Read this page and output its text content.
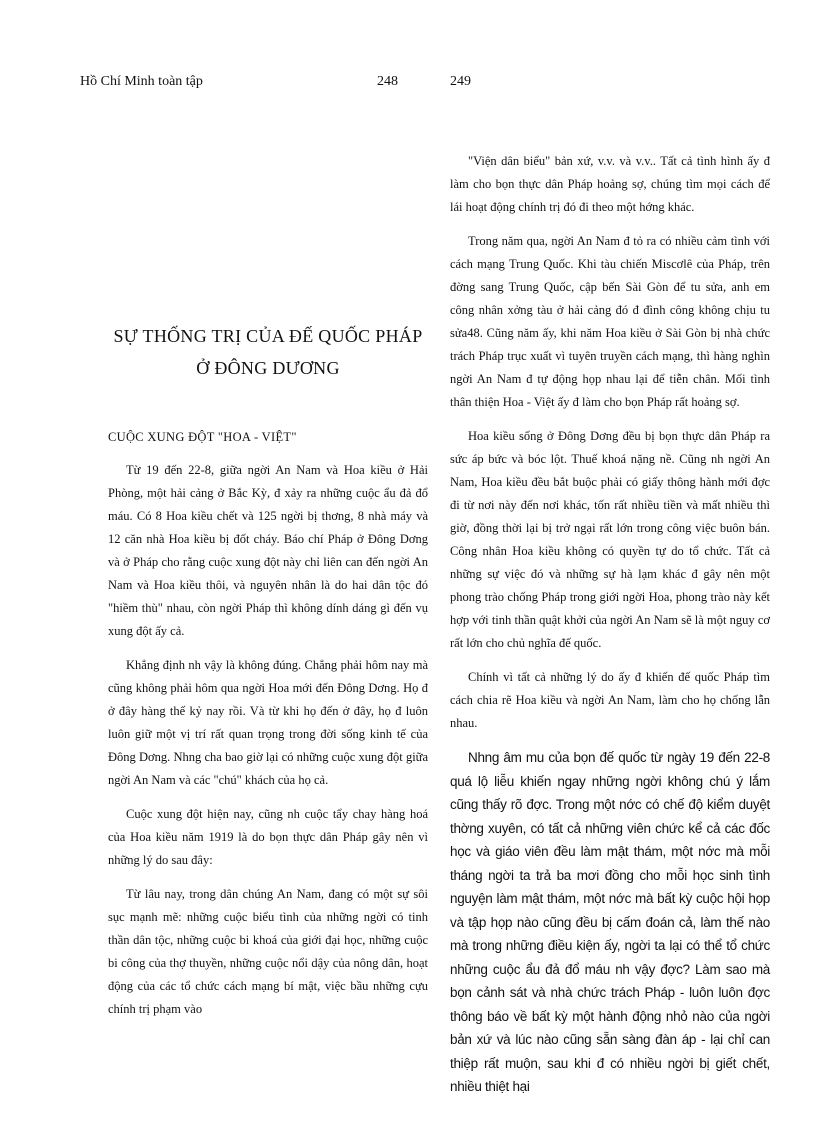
Hồ Chí Minh toàn tập	248	249
SỰ THỐNG TRỊ CỦA ĐẾ QUỐC PHÁP
Ở ĐÔNG DƯƠNG
CUỘC XUNG ĐỘT "HOA - VIỆT"

Từ 19 đến 22-8, giữa ngời An Nam và Hoa kiều ở Hải Phòng, một hải cảng ở Bắc Kỳ, đ xảy ra những cuộc ẩu đả đổ máu. Có 8 Hoa kiều chết và 125 ngời bị thơng, 8 nhà máy và 12 căn nhà Hoa kiều bị đốt cháy. Báo chí Pháp ở Đông Dơng và ở Pháp cho rằng cuộc xung đột này chỉ liên can đến ngời An Nam và Hoa kiều thôi, và nguyên nhân là do hai dân tộc đó "hiềm thù" nhau, còn ngời Pháp thì không dính dáng gì đến vụ xung đột ấy cả.

Khẳng định nh vậy là không đúng. Chẳng phải hôm nay mà cũng không phải hôm qua ngời Hoa mới đến Đông Dơng. Họ đ ở đây hàng thế kỷ nay rồi. Và từ khi họ đến ở đây, họ đ luôn luôn giữ một vị trí rất quan trọng trong đời sống kinh tế của Đông Dơng. Nhng cha bao giờ lại có những cuộc xung đột giữa ngời An Nam và các "chú" khách của họ cả.

Cuộc xung đột hiện nay, cũng nh cuộc tẩy chay hàng hoá của Hoa kiều năm 1919 là do bọn thực dân Pháp gây nên vì những lý do sau đây:

Từ lâu nay, trong dân chúng An Nam, đang có một sự sôi sục mạnh mẽ: những cuộc biểu tình của những ngời có tinh thần dân tộc, những cuộc bi khoá của giới đại học, những cuộc bi công của thợ thuyền, những cuộc nổi dậy của nông dân, hoạt động của các tổ chức cách mạng bí mật, việc bầu những cựu chính trị phạm vào

"Viện dân biểu" bản xứ, v.v. và v.v.. Tất cả tình hình ấy đ làm cho bọn thực dân Pháp hoảng sợ, chúng tìm mọi cách để lái hoạt động chính trị đó đi theo một hớng khác.

Trong năm qua, ngời An Nam đ tỏ ra có nhiều cảm tình với cách mạng Trung Quốc. Khi tàu chiến Miscơlê của Pháp, trên đờng sang Trung Quốc, cập bến Sài Gòn để tu sửa, anh em công nhân xởng tàu ở hải cảng đó đ đình công không chịu tu sửa48. Cũng năm ấy, khi năm Hoa kiều ở Sài Gòn bị nhà chức trách Pháp trục xuất vì tuyên truyền cách mạng, thì hàng nghìn ngời An Nam đ tự động họp nhau lại để tiễn chân. Mối tình thân thiện Hoa - Việt ấy đ làm cho bọn Pháp rất hoảng sợ.

Hoa kiều sống ở Đông Dơng đều bị bọn thực dân Pháp ra sức áp bức và bóc lột. Thuế khoá nặng nề. Cũng nh ngời An Nam, Hoa kiều đều bắt buộc phải có giấy thông hành mới đợc đi từ nơi này đến nơi khác, tốn rất nhiều tiền và mất nhiều thì giờ, đồng thời lại bị trở ngại rất lớn trong công việc buôn bán. Công nhân Hoa kiều không có quyền tự do tổ chức. Tất cả những sự việc đó và những sự hà lạm khác đ gây nên một phong trào chống Pháp trong giới ngời Hoa, phong trào này kết hợp với tinh thần quật khởi của ngời An Nam sẽ là một nguy cơ rất lớn cho chủ nghĩa đế quốc.

Chính vì tất cả những lý do ấy đ khiến đế quốc Pháp tìm cách chia rẽ Hoa kiều và ngời An Nam, làm cho họ chống lẫn nhau.

Nhng âm mu của bọn đế quốc từ ngày 19 đến 22-8 quá lộ liễu khiến ngay những ngời không chú ý lắm cũng thấy rõ đợc. Trong một nớc có chế độ kiểm duyệt thờng xuyên, có tất cả những viên chức kể cả các đốc học và giáo viên đều làm mật thám, một nớc mà mỗi tháng ngời ta trả ba mơi đồng cho mỗi học sinh tình nguyện làm mật thám, một nớc mà bất kỳ cuộc hội họp và tập họp nào cũng đều bị cấm đoán cả, làm thế nào mà trong những điều kiện ấy, ngời ta lại có thể tổ chức những cuộc ẩu đả đổ máu nh vậy đợc? Làm sao mà bọn cảnh sát và nhà chức trách Pháp - luôn luôn đợc thông báo về bất kỳ một hành động nhỏ nào của ngời bản xứ và lúc nào cũng sẵn sàng đàn áp - lại chỉ can thiệp rất muộn, sau khi đ có nhiều ngời bị giết chết, nhiều thiệt hại
